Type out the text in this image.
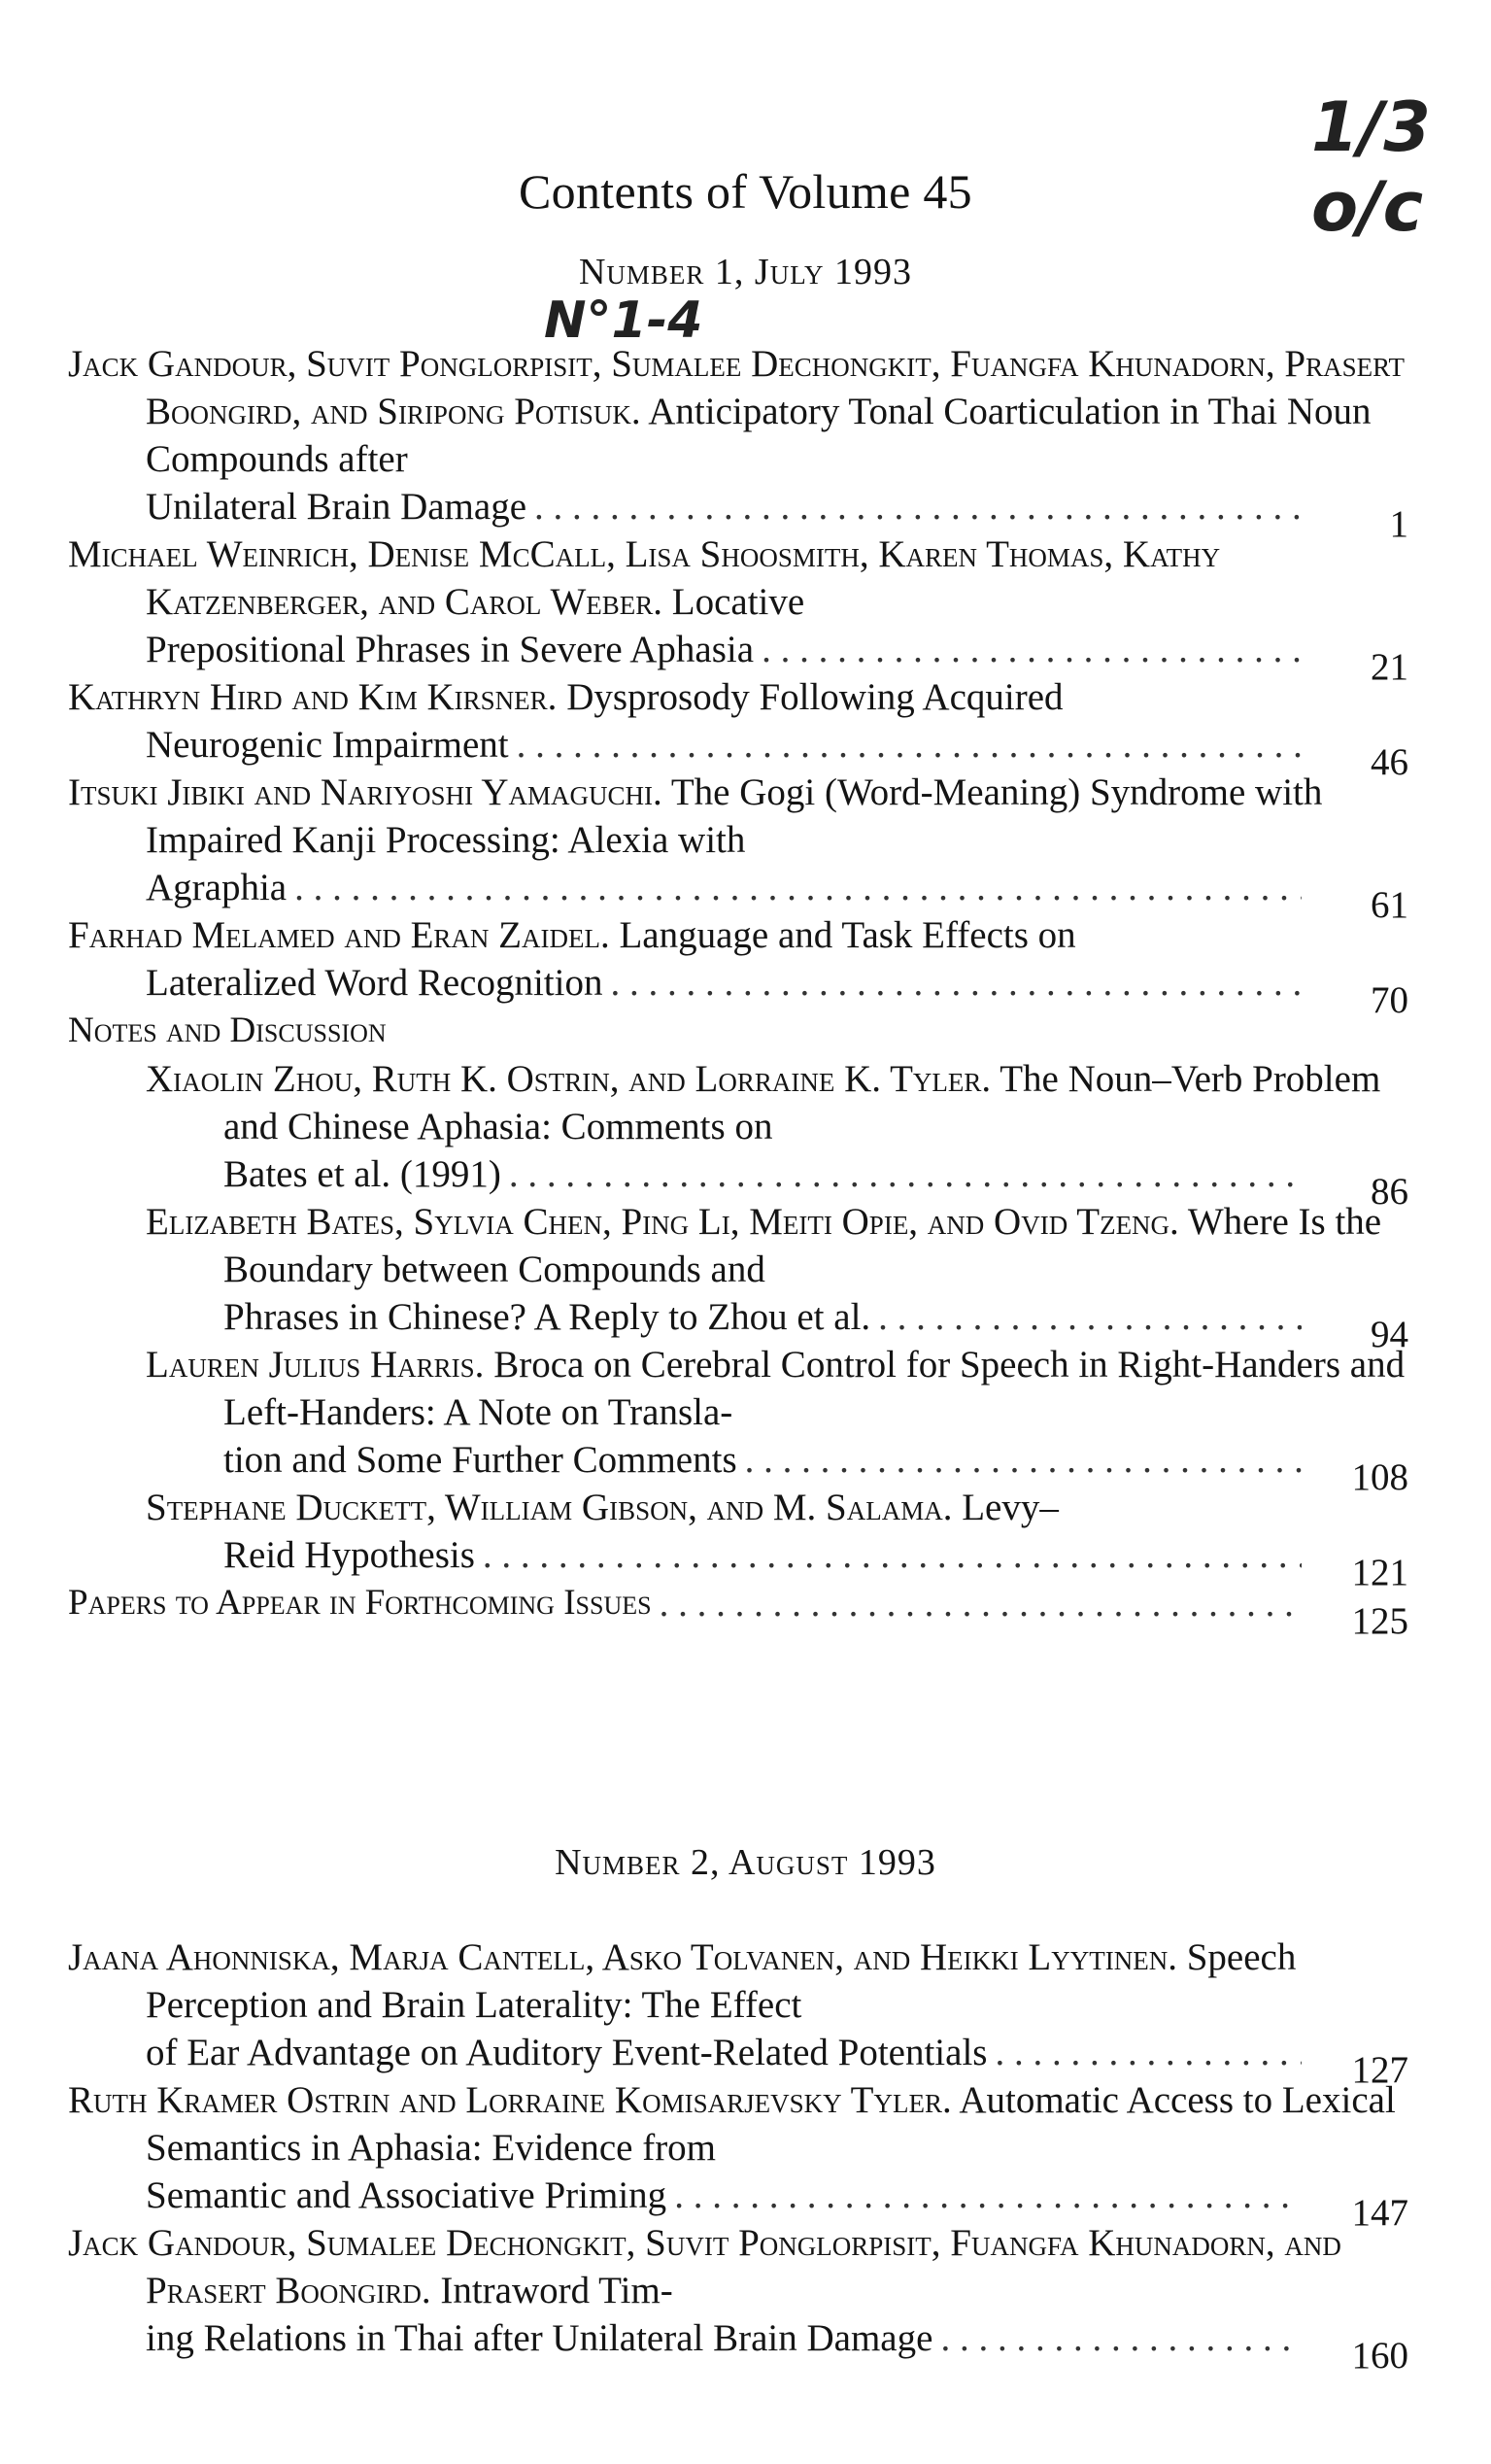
1/3 o/c
N°1-4
Contents of Volume 45
Number 1, July 1993
Jack Gandour, Suvit Ponglorpisit, Sumalee Dechongkit, Fuangfa Khunadorn, Prasert Boongird, and Siripong Potisuk. Anticipatory Tonal Coarticulation in Thai Noun Compounds after
Unilateral Brain Damage . . .	1
Michael Weinrich, Denise McCall, Lisa Shoosmith, Karen Thomas, Kathy Katzenberger, and Carol Weber. Locative
Prepositional Phrases in Severe Aphasia . . .	21
Kathryn Hird and Kim Kirsner. Dysprosody Following Acquired
Neurogenic Impairment . . .	46
Itsuki Jibiki and Nariyoshi Yamaguchi. The Gogi (Word-Meaning) Syndrome with Impaired Kanji Processing: Alexia with
Agraphia . . .	61
Farhad Melamed and Eran Zaidel. Language and Task Effects on
Lateralized Word Recognition . . .	70
Notes and Discussion
Xiaolin Zhou, Ruth K. Ostrin, and Lorraine K. Tyler. The Noun–Verb Problem and Chinese Aphasia: Comments on
Bates et al. (1991) . . .	86
Elizabeth Bates, Sylvia Chen, Ping Li, Meiti Opie, and Ovid Tzeng. Where Is the Boundary between Compounds and
Phrases in Chinese? A Reply to Zhou et al. . . .	94
Lauren Julius Harris. Broca on Cerebral Control for Speech in Right-Handers and Left-Handers: A Note on Transla-
tion and Some Further Comments . . .	108
Stephane Duckett, William Gibson, and M. Salama. Levy–
Reid Hypothesis . . .	121
Papers to Appear in Forthcoming Issues . . .	125
Number 2, August 1993
Jaana Ahonniska, Marja Cantell, Asko Tolvanen, and Heikki Lyytinen. Speech Perception and Brain Laterality: The Effect
of Ear Advantage on Auditory Event-Related Potentials . . .	127
Ruth Kramer Ostrin and Lorraine Komisarjevsky Tyler. Automatic Access to Lexical Semantics in Aphasia: Evidence from
Semantic and Associative Priming . . .	147
Jack Gandour, Sumalee Dechongkit, Suvit Ponglorpisit, Fuangfa Khunadorn, and Prasert Boongird. Intraword Tim-
ing Relations in Thai after Unilateral Brain Damage . . .	160
